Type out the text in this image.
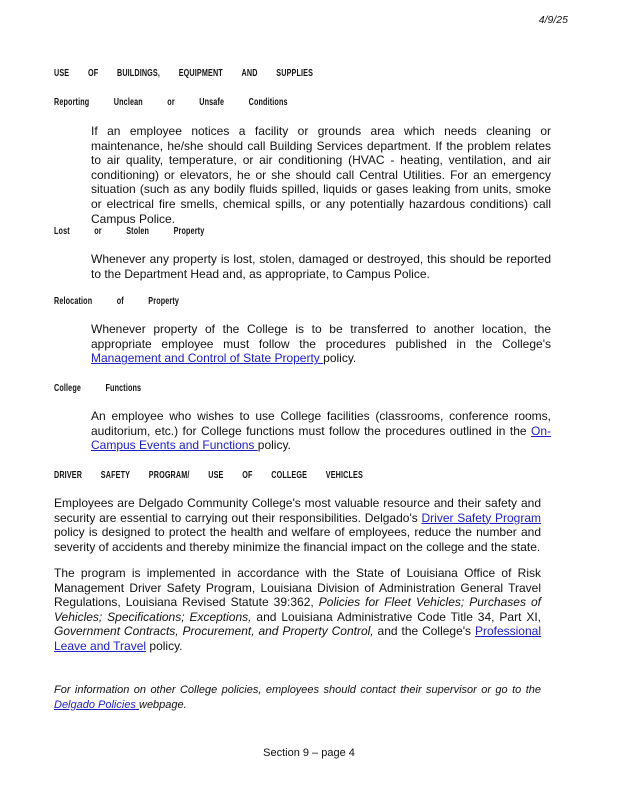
4/9/25
USE OF BUILDINGS, EQUIPMENT AND SUPPLIES
Reporting Unclean or Unsafe Conditions
If an employee notices a facility or grounds area which needs cleaning or maintenance, he/she should call Building Services department. If the problem relates to air quality, temperature, or air conditioning (HVAC - heating, ventilation, and air conditioning) or elevators, he or she should call Central Utilities. For an emergency situation (such as any bodily fluids spilled, liquids or gases leaking from units, smoke or electrical fire smells, chemical spills, or any potentially hazardous conditions) call Campus Police.
Lost or Stolen Property
Whenever any property is lost, stolen, damaged or destroyed, this should be reported to the Department Head and, as appropriate, to Campus Police.
Relocation of Property
Whenever property of the College is to be transferred to another location, the appropriate employee must follow the procedures published in the College's Management and Control of State Property policy.
College Functions
An employee who wishes to use College facilities (classrooms, conference rooms, auditorium, etc.) for College functions must follow the procedures outlined in the On-Campus Events and Functions policy.
DRIVER SAFETY PROGRAM/ USE OF COLLEGE VEHICLES
Employees are Delgado Community College's most valuable resource and their safety and security are essential to carrying out their responsibilities. Delgado's Driver Safety Program policy is designed to protect the health and welfare of employees, reduce the number and severity of accidents and thereby minimize the financial impact on the college and the state.
The program is implemented in accordance with the State of Louisiana Office of Risk Management Driver Safety Program, Louisiana Division of Administration General Travel Regulations, Louisiana Revised Statute 39:362, Policies for Fleet Vehicles; Purchases of Vehicles; Specifications; Exceptions, and Louisiana Administrative Code Title 34, Part XI, Government Contracts, Procurement, and Property Control, and the College's Professional Leave and Travel policy.
For information on other College policies, employees should contact their supervisor or go to the Delgado Policies webpage.
Section 9 – page 4
